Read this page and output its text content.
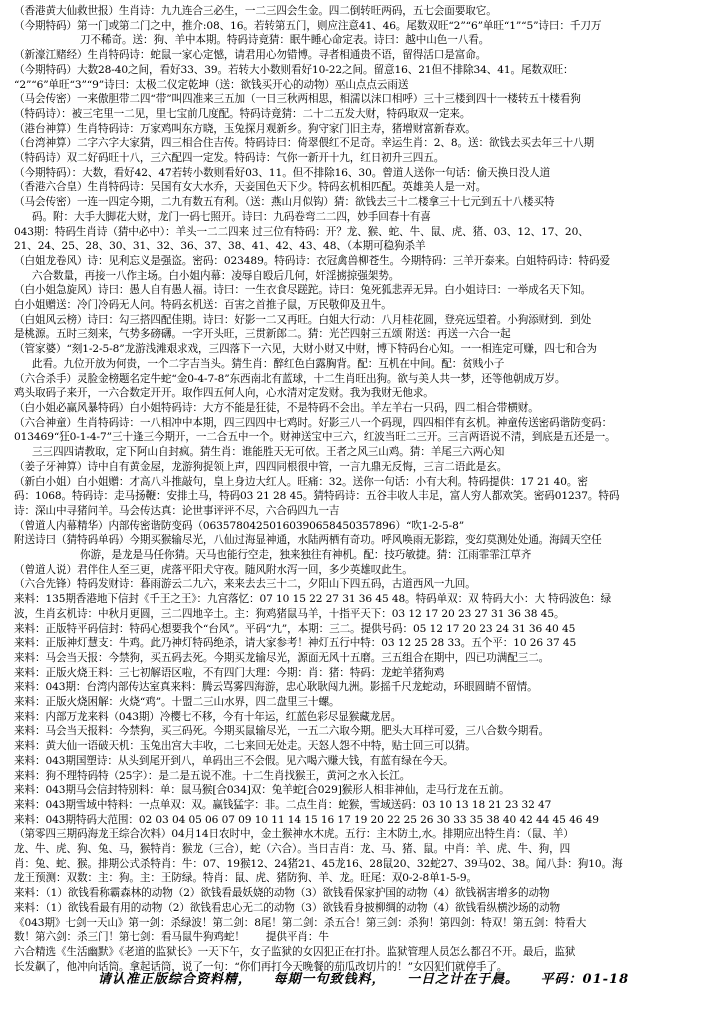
（香港黄大仙救世报）生肖诗：九九连合三必生，一二三四会生金。四二倒转旺两码，五七会面要取它。
（今期特码）第一门或第二门之中，推介:08、16。若转第五门，则应注意41、46。尾数双旺“2”“6”单旺“1”“5”诗曰：千刀万
刀不稀奇。送：狗、羊中本期。特码诗竟猜：眠牛睡心命定表。诗曰：越中山色一八看。
（新濠江赌经）生肖特码诗：蛇鼠一家心定憾，请君用心勿错博。寻者相通贵不语，留得活口是富命。
（今期特码）大数28-40之间，看好33、39。若转大小数则看好10-22之间。留意16、21但不排除34、41。尾数双旺：
“2”“6”单旺“3”“9”诗曰：太极二仪定乾坤（送：欲钱买开心的动物）巫山点点云雨送
（马会传密）一来傲胆带二四“带”叫四准来三五加（一日三秋两相思，相濡以沫口相呼）三十三楼到四十一楼转五十楼看狗
（特码诗）：被三宅里一二见，里七宝前几度配。特码诗竟猜：二十二五发大财，特码取双一定来。
（港台神算）生肖特码诗：万家鸡叫东方晓，玉兔探月观新乡。狗守家门旧主寿，猪增财富新春欢。
（台湾神算）二字六字大家猜，四三相合住吉传。特码诗曰：倚翠偎红不足奇。幸运生肖：2、8。送：欲钱去买去年三十八期
（特码诗）双二好码旺十八，三六配四一定发。特码诗：气你一新开十九，红日初升三四五。
（今期特码）：大数，看好42、47若转小数则看好03、11。但不排除16、30。曾道人送你一句话：偷天换日没人道
（香港六合皇）生肖特码诗：吴国有女大水乔，天妾国色天下少。特码玄机相匹配。英雄美人是一对。
（马会传密）一连一四定今期，二九有数五有利。（送：燕山月似钩）猜：欲钱去三十二楼拿三十七元到五十八楼买特
码。附：大手大脚花大财，龙门一码七照开。诗曰：九码卷弯二二四，妙手回春十有喜
043期：特码生肖诗（猜中必中）：羊头一二二四来 过三位有特码：开？龙、猴、蛇、牛、鼠、虎、猪、03、12、17、20、
21、24、25、28、30、31、32、36、37、38、41、42、43、48、（本期可稳狗杀羊
（白姐龙卷风）诗：见利忘义是强盗。密码：023489。特码诗：衣冠禽兽柳苍生。今期特码：三羊开泰来。白姐特码诗：特码爱
六合数量，再接一八作主场。白小姐内幕：凌辱自殴后几何，奸淫掳掠强架势。
（白小姐急旋风）诗曰：愚人自有愚人福。诗曰：一生衣食尽蹉跎。诗曰：兔死狐悲弄无异。白小姐诗曰：一举成名天下知。
白小姐赠送：冷门冷码无人问。特码玄机送：百害之首推子鼠，万民敬仰及丑牛。
（白姐风云榜）诗曰：勾三搭四配佳期。诗曰：好影一二又再旺。白姐大行动：八月桂花圆，登亮远望着。小狗添财到．到处
是桃源。五时三刻来，气势多磅礴。一字开头旺，三贯新郎二。猜：光芒四射三五颂 附送：再送一六合一起
（管家婆）“刻1-2-5-8”龙游浅滩艰求戏，三四落下一六见，大财小财又中财，博下特码台心知。一一相连定可赚，四七和合为
此看。九位开放为何贵，一个二字吉当头。猜生肖：醉红色白露胸背。配：互机在中间。配：贫贱小子
（六合杀手）灵脸金榜题名定牛蛇“金0-4-7-8”东西南北有蓝球，十二生肖旺出狗。欲与美人共一梦，还等他朝成万岁。
鸡头取码子来开，一六合数定开开。取作四五何人向，心水清对定发财。我为我财无他求。
（白小姐必赢风暴特码）白小姐特码诗：大方不能是狂徒，不是特码不会出。羊左羊右一只码，四二相合带横财。
（六合神童）生肖特码诗：一八相冲中本期，四三四四中七鸡时。好影三八一个码现，四四相伴有玄机。神童传送密码谐防变码：
013469“狂0-1-4-7”三十逢三今期开，一二合五中一个。财神送宝中三六，红波当旺二三开。三言两语说不清，到底是五还是一。
三三四四请教取，定下阿山自封疯。猜生肖：谁能胜天无可依。王者之风三山鸡。猜：羊尾三六两心知
（姜子牙神算）诗中自有黄金屋，龙游狗捉领上声，四四同根很中管，一言九鼎无反悔，三言二语此是玄。
（新白小姐）白小姐赠：才高八斗推敲句，皇上身边大红人。旺痛：32。送你一句话：小有大利。特码提供：17 21 40。密
码：1068。特码诗：走马扬鞭：安排土马，特码03 21 28 45。猜特码诗：五谷丰收人丰足，富人穷人都欢笑。密码01237。特码
诗：深山中寻猪问羊。马会传达真：论世事评评不尽，六合码四九一吉
（曾道人内幕精华）内部传密谐防变码（06357804250160390658450357896）“吹1-2-5-8”
附送诗曰（猜特码单码）今期买猴输尽光，八仙过海显神通，水陆两栖有奇功。呼风唤雨无影踪，变幻莫测处处通。海阔天空任
你游，是龙是马任你猜。天马也能行空走，独来独往有神机。配：技巧敏捷。猜：江雨霏霏江草齐
（曾道人说）君伴住人至三更，虎落平阳犬守夜。随风附水泻一回，多少英雄叹此生。
（六合先锋）特码发财诗：暮雨游云二九六，来来去去三十二，夕阳山下四五码，古道西风一九回。
来料：135期香港地下信封《千王之王》：九宫落忆：07 10 15 22 27 31 36 45 48。特码单双：双 特码大小：大 特码波色：绿
波，生肖玄机诗：中秋月更圆，三二四地辛土。主：狗鸡猪鼠马羊，十指平天下：03 12 17 20 23 27 31 36 38 45。
来料：正版特平码信封：特码心想要我个“台风”。平码“九”，本期：三二。提供号码：05 12 17 20 23 24 31 36 40 45
来料：正版神灯慧支：牛鸡。此乃神灯特码绝杀，请大家参考！神灯五行中特：03 12 25 28 33。五个平：10 26 37 45
来料：马会当天报：今禁狗，买五码去死。今期买龙输尽光，源面无风十五磨。三五组合在期中，四已功满配三二。
来料：正版火烧王料：三七初解语区啦，不有四门大理：今期：肖：猪：特码：龙蛇羊猪狗鸡
来料：043期：台湾内部传达室真来料：腾云骂雾四海游，忠心耿耿闯九洲。影摇千尺龙蛇动，环眼圆睛不留情。
来料：正版火烧困解：火烧“鸡”。十盟二三山水界，四二盘里三十螺。
来料：内部万龙来料（043期）冷樱七不移，今有十年运，红蓝色彩尽显猴藏龙居。
来料：马会当天报料：今禁狗，买三码死。今期买鼠输尽光，一五二六取今期。肥头大耳样可爱，三八合数今期看。
来料：黄大仙一语破天机：玉兔出宫大丰收，二七来回无处走。天怒人怨不中特，贴士回三可以猜。
来料：043期国塑诗：从头到尾开到八，单码出三不会假。见六喝六赚大钱，有蓝有绿在今天。
来料：狗不理特码特（25字）：是二是五说不准。十二生肖找猴王，黄河之水入长江。
来料：043期马会信封特别料：单：鼠马猴[合034]双：兔羊蛇[合029]猴形人相非神仙，走马行龙在五前。
来料：043期雪域中特料：一点单双：双。赢钱猛字：非。二点生肖：蛇猴，雪域送码：03 10 13 18 21 23 32 47
来料：043期特码大范围：02 03 04 05 06 07 09 10 11 14 15 16 17 19 20 22 25 26 30 33 35 38 40 42 44 45 46 49
（第零四三期码海龙王综合次料）04月14日农时中，金土猴神水木虎。五行：主木防土,水。排期应出特生肖：（鼠、羊）
龙、牛、虎、狗、兔、马，猴特肖：猴龙（三合），蛇（六合）。当日吉肖：龙、马、猪、鼠。中肖：羊、虎、牛、狗，四
肖：兔、蛇、猴。排期公式杀特肖：牛：07、19猴12、24猪21、45龙16、28鼠20、32蛇27、39马02、38。闻八卦：狗10。海
龙王预测：双数：主：狗。主：王防绿。特肖：鼠、虎、猪防狗、羊、龙。旺尾：双0-2-8单1-5-9。
来料：（1）欲钱看称霸森林的动物（2）欲钱看最妖娆的动物（3）欲钱看保家护国的动物（4）欲钱祸害增多的动物
来料：（1）欲钱看最有用的动物（2）欲钱看忠心无二的动物（3）欲钱看身披柳绸的动物（4）欲钱看纵横沙场的动物
《043期》七剑一天山》第一剑：杀绿波！第二剑：8尾！第二剑：杀五合！第三剑：杀狗！第四剑：特双！第五剑：特看大
数！第六剑：杀三门！第七剑：看马鼠牛狗鸡蛇！　　提供平肖：牛
六合精选《生活幽默》《老道的监狱长》一天下午，女子监狱的女囚犯正在打扑。监狱管理人员怎么都召不开。最后，监狱
长发飙了，他冲向话筒。拿起话筒，说了一句：“你们再打今天晚餐的茄瓜改切片的！”女囚犯们就停手了。
请认准正版综合资料精， 每期一句致钱料， 一日之计在于晨。 平码：01-18
